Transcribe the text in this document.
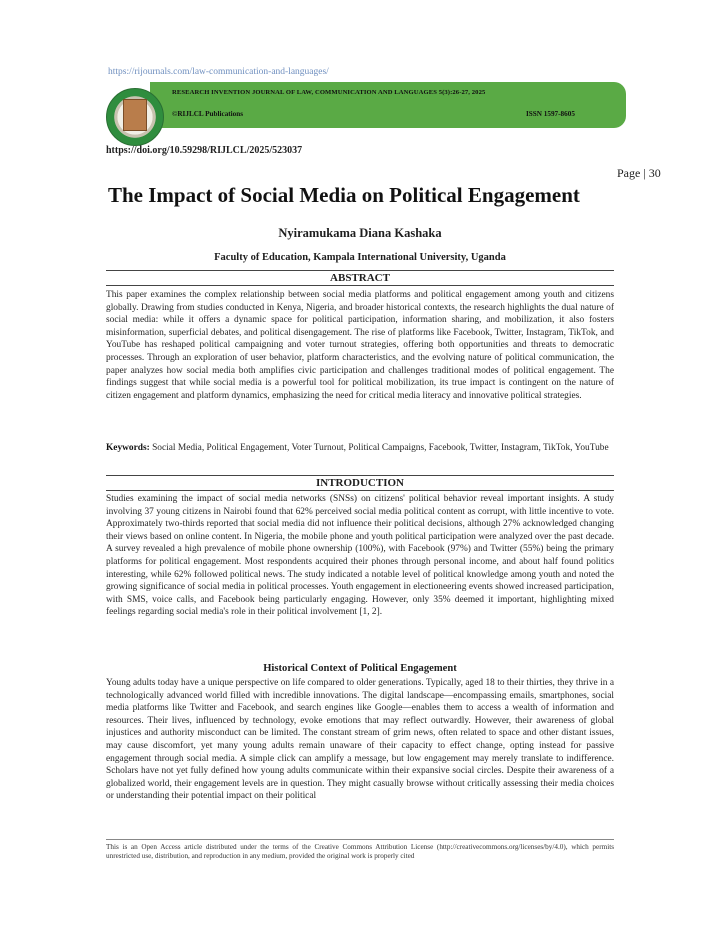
https://rijournals.com/law-communication-and-languages/
RESEARCH INVENTION JOURNAL OF LAW, COMMUNICATION AND LANGUAGES 5(3):26-27, 2025
©RIJLCL Publications	ISSN 1597-8605
https://doi.org/10.59298/RIJLCL/2025/523037
Page | 30
The Impact of Social Media on Political Engagement
Nyiramukama Diana Kashaka
Faculty of Education, Kampala International University, Uganda
ABSTRACT
This paper examines the complex relationship between social media platforms and political engagement among youth and citizens globally. Drawing from studies conducted in Kenya, Nigeria, and broader historical contexts, the research highlights the dual nature of social media: while it offers a dynamic space for political participation, information sharing, and mobilization, it also fosters misinformation, superficial debates, and political disengagement. The rise of platforms like Facebook, Twitter, Instagram, TikTok, and YouTube has reshaped political campaigning and voter turnout strategies, offering both opportunities and threats to democratic processes. Through an exploration of user behavior, platform characteristics, and the evolving nature of political communication, the paper analyzes how social media both amplifies civic participation and challenges traditional modes of political engagement. The findings suggest that while social media is a powerful tool for political mobilization, its true impact is contingent on the nature of citizen engagement and platform dynamics, emphasizing the need for critical media literacy and innovative political strategies.
Keywords: Social Media, Political Engagement, Voter Turnout, Political Campaigns, Facebook, Twitter, Instagram, TikTok, YouTube
INTRODUCTION
Studies examining the impact of social media networks (SNSs) on citizens' political behavior reveal important insights. A study involving 37 young citizens in Nairobi found that 62% perceived social media political content as corrupt, with little incentive to vote. Approximately two-thirds reported that social media did not influence their political decisions, although 27% acknowledged changing their views based on online content. In Nigeria, the mobile phone and youth political participation were analyzed over the past decade. A survey revealed a high prevalence of mobile phone ownership (100%), with Facebook (97%) and Twitter (55%) being the primary platforms for political engagement. Most respondents acquired their phones through personal income, and about half found politics interesting, while 62% followed political news. The study indicated a notable level of political knowledge among youth and noted the growing significance of social media in political processes. Youth engagement in electioneering events showed increased participation, with SMS, voice calls, and Facebook being particularly engaging. However, only 35% deemed it important, highlighting mixed feelings regarding social media's role in their political involvement [1, 2].
Historical Context of Political Engagement
Young adults today have a unique perspective on life compared to older generations. Typically, aged 18 to their thirties, they thrive in a technologically advanced world filled with incredible innovations. The digital landscape—encompassing emails, smartphones, social media platforms like Twitter and Facebook, and search engines like Google—enables them to access a wealth of information and resources. Their lives, influenced by technology, evoke emotions that may reflect outwardly. However, their awareness of global injustices and authority misconduct can be limited. The constant stream of grim news, often related to space and other distant issues, may cause discomfort, yet many young adults remain unaware of their capacity to effect change, opting instead for passive engagement through social media. A simple click can amplify a message, but low engagement may merely translate to indifference. Scholars have not yet fully defined how young adults communicate within their expansive social circles. Despite their awareness of a globalized world, their engagement levels are in question. They might casually browse without critically assessing their media choices or understanding their potential impact on their political
This is an Open Access article distributed under the terms of the Creative Commons Attribution License (http://creativecommons.org/licenses/by/4.0), which permits unrestricted use, distribution, and reproduction in any medium, provided the original work is properly cited
